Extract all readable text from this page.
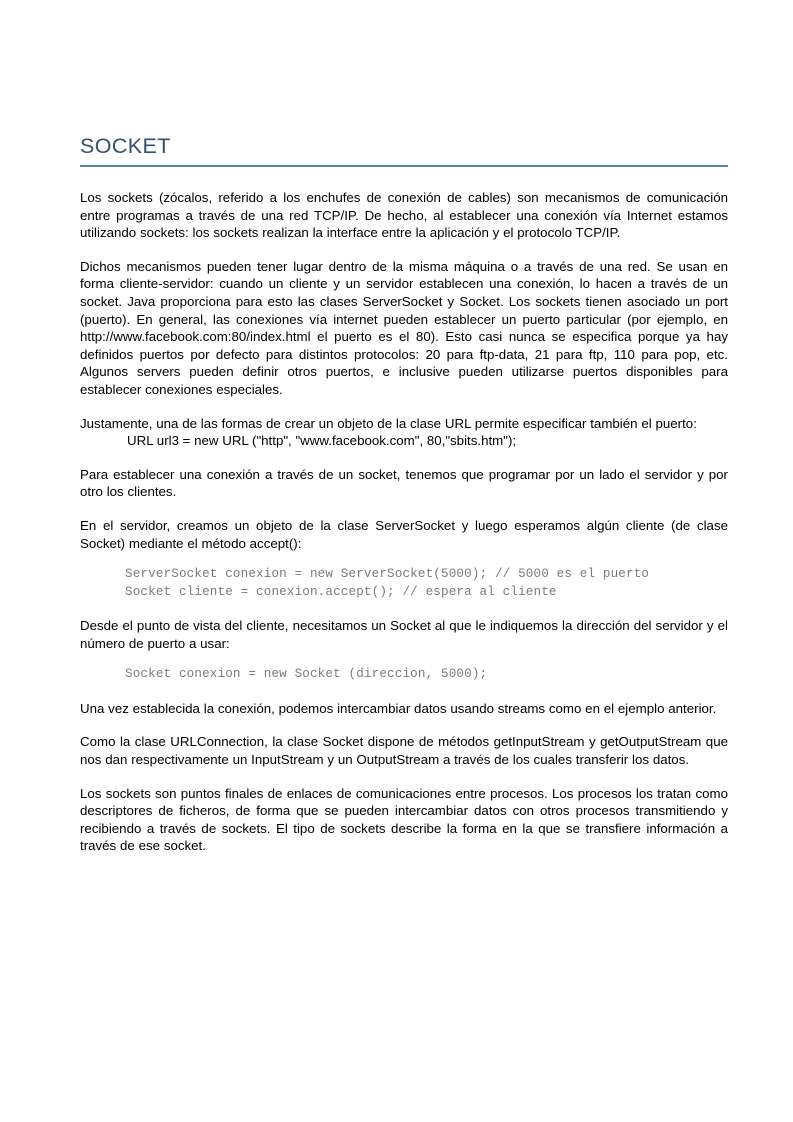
SOCKET

Los sockets (zócalos, referido a los enchufes de conexión de cables) son mecanismos de comunicación entre programas a través de una red TCP/IP. De hecho, al establecer una conexión vía Internet estamos utilizando sockets: los sockets realizan la interface entre la aplicación y el protocolo TCP/IP.

Dichos mecanismos pueden tener lugar dentro de la misma máquina o a través de una red. Se usan en forma cliente-servidor: cuando un cliente y un servidor establecen una conexión, lo hacen a través de un socket. Java proporciona para esto las clases ServerSocket y Socket. Los sockets tienen asociado un port (puerto). En general, las conexiones vía internet pueden establecer un puerto particular (por ejemplo, en http://www.facebook.com:80/index.html el puerto es el 80). Esto casi nunca se especifica porque ya hay definidos puertos por defecto para distintos protocolos: 20 para ftp-data, 21 para ftp, 110 para pop, etc. Algunos servers pueden definir otros puertos, e inclusive pueden utilizarse puertos disponibles para establecer conexiones especiales.

Justamente, una de las formas de crear un objeto de la clase URL permite especificar también el puerto:

URL url3 = new URL ("http", "www.facebook.com", 80,"sbits.htm");

Para establecer una conexión a través de un socket, tenemos que programar por un lado el servidor y por otro los clientes.

En el servidor, creamos un objeto de la clase ServerSocket y luego esperamos algún cliente (de clase Socket) mediante el método accept():

ServerSocket conexion = new ServerSocket(5000); // 5000 es el puerto
Socket cliente = conexion.accept(); // espera al cliente

Desde el punto de vista del cliente, necesitamos un Socket al que le indiquemos la dirección del servidor y el número de puerto a usar:

Socket conexion = new Socket (direccion, 5000);

Una vez establecida la conexión, podemos intercambiar datos usando streams como en el ejemplo anterior.

Como la clase URLConnection, la clase Socket dispone de métodos getInputStream y getOutputStream que nos dan respectivamente un InputStream y un OutputStream a través de los cuales transferir los datos.

Los sockets son puntos finales de enlaces de comunicaciones entre procesos. Los procesos los tratan como descriptores de ficheros, de forma que se pueden intercambiar datos con otros procesos transmitiendo y recibiendo a través de sockets. El tipo de sockets describe la forma en la que se transfiere información a través de ese socket.
